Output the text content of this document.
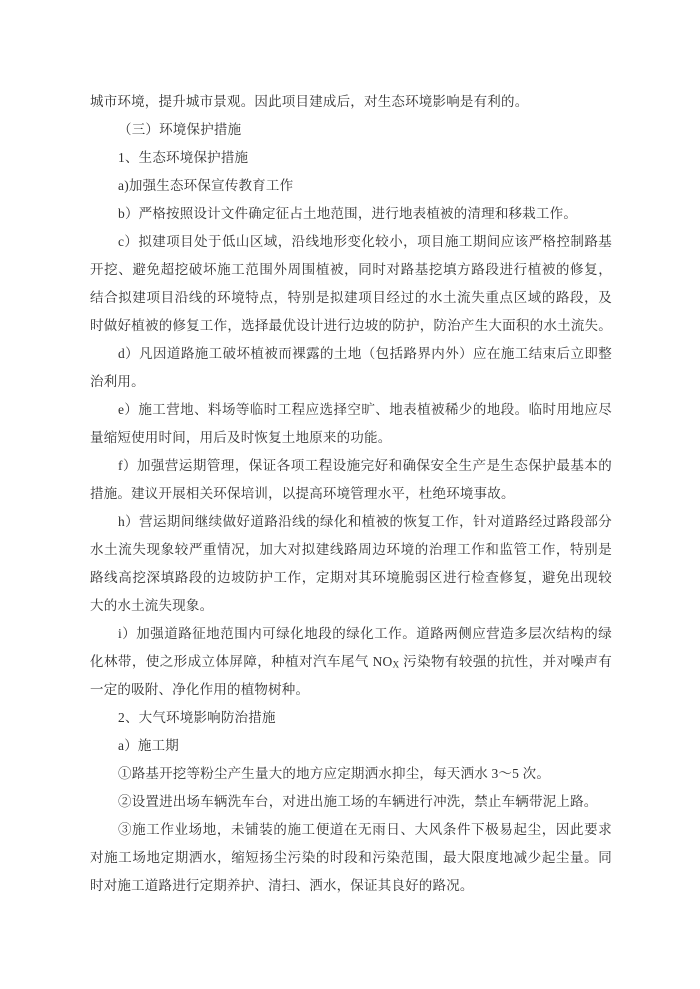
城市环境，提升城市景观。因此项目建成后，对生态环境影响是有利的。
（三）环境保护措施
1、生态环境保护措施
a)加强生态环保宣传教育工作
b）严格按照设计文件确定征占土地范围，进行地表植被的清理和移栽工作。
c）拟建项目处于低山区域，沿线地形变化较小，项目施工期间应该严格控制路基
开挖、避免超挖破坏施工范围外周围植被，同时对路基挖填方路段进行植被的修复，
结合拟建项目沿线的环境特点，特别是拟建项目经过的水土流失重点区域的路段，及
时做好植被的修复工作，选择最优设计进行边坡的防护，防治产生大面积的水土流失。
d）凡因道路施工破坏植被而裸露的土地（包括路界内外）应在施工结束后立即整
治利用。
e）施工营地、料场等临时工程应选择空旷、地表植被稀少的地段。临时用地应尽
量缩短使用时间，用后及时恢复土地原来的功能。
f）加强营运期管理，保证各项工程设施完好和确保安全生产是生态保护最基本的
措施。建议开展相关环保培训，以提高环境管理水平，杜绝环境事故。
h）营运期间继续做好道路沿线的绿化和植被的恢复工作，针对道路经过路段部分
水土流失现象较严重情况，加大对拟建线路周边环境的治理工作和监管工作，特别是
路线高挖深填路段的边坡防护工作，定期对其环境脆弱区进行检查修复，避免出现较
大的水土流失现象。
i）加强道路征地范围内可绿化地段的绿化工作。道路两侧应营造多层次结构的绿
化林带，使之形成立体屏障，种植对汽车尾气 NOX 污染物有较强的抗性，并对噪声有
一定的吸附、净化作用的植物树种。
2、大气环境影响防治措施
a）施工期
①路基开挖等粉尘产生量大的地方应定期洒水抑尘，每天洒水 3～5 次。
②设置进出场车辆洗车台，对进出施工场的车辆进行冲洗，禁止车辆带泥上路。
③施工作业场地，未铺装的施工便道在无雨日、大风条件下极易起尘，因此要求
对施工场地定期洒水，缩短扬尘污染的时段和污染范围，最大限度地减少起尘量。同
时对施工道路进行定期养护、清扫、洒水，保证其良好的路况。
